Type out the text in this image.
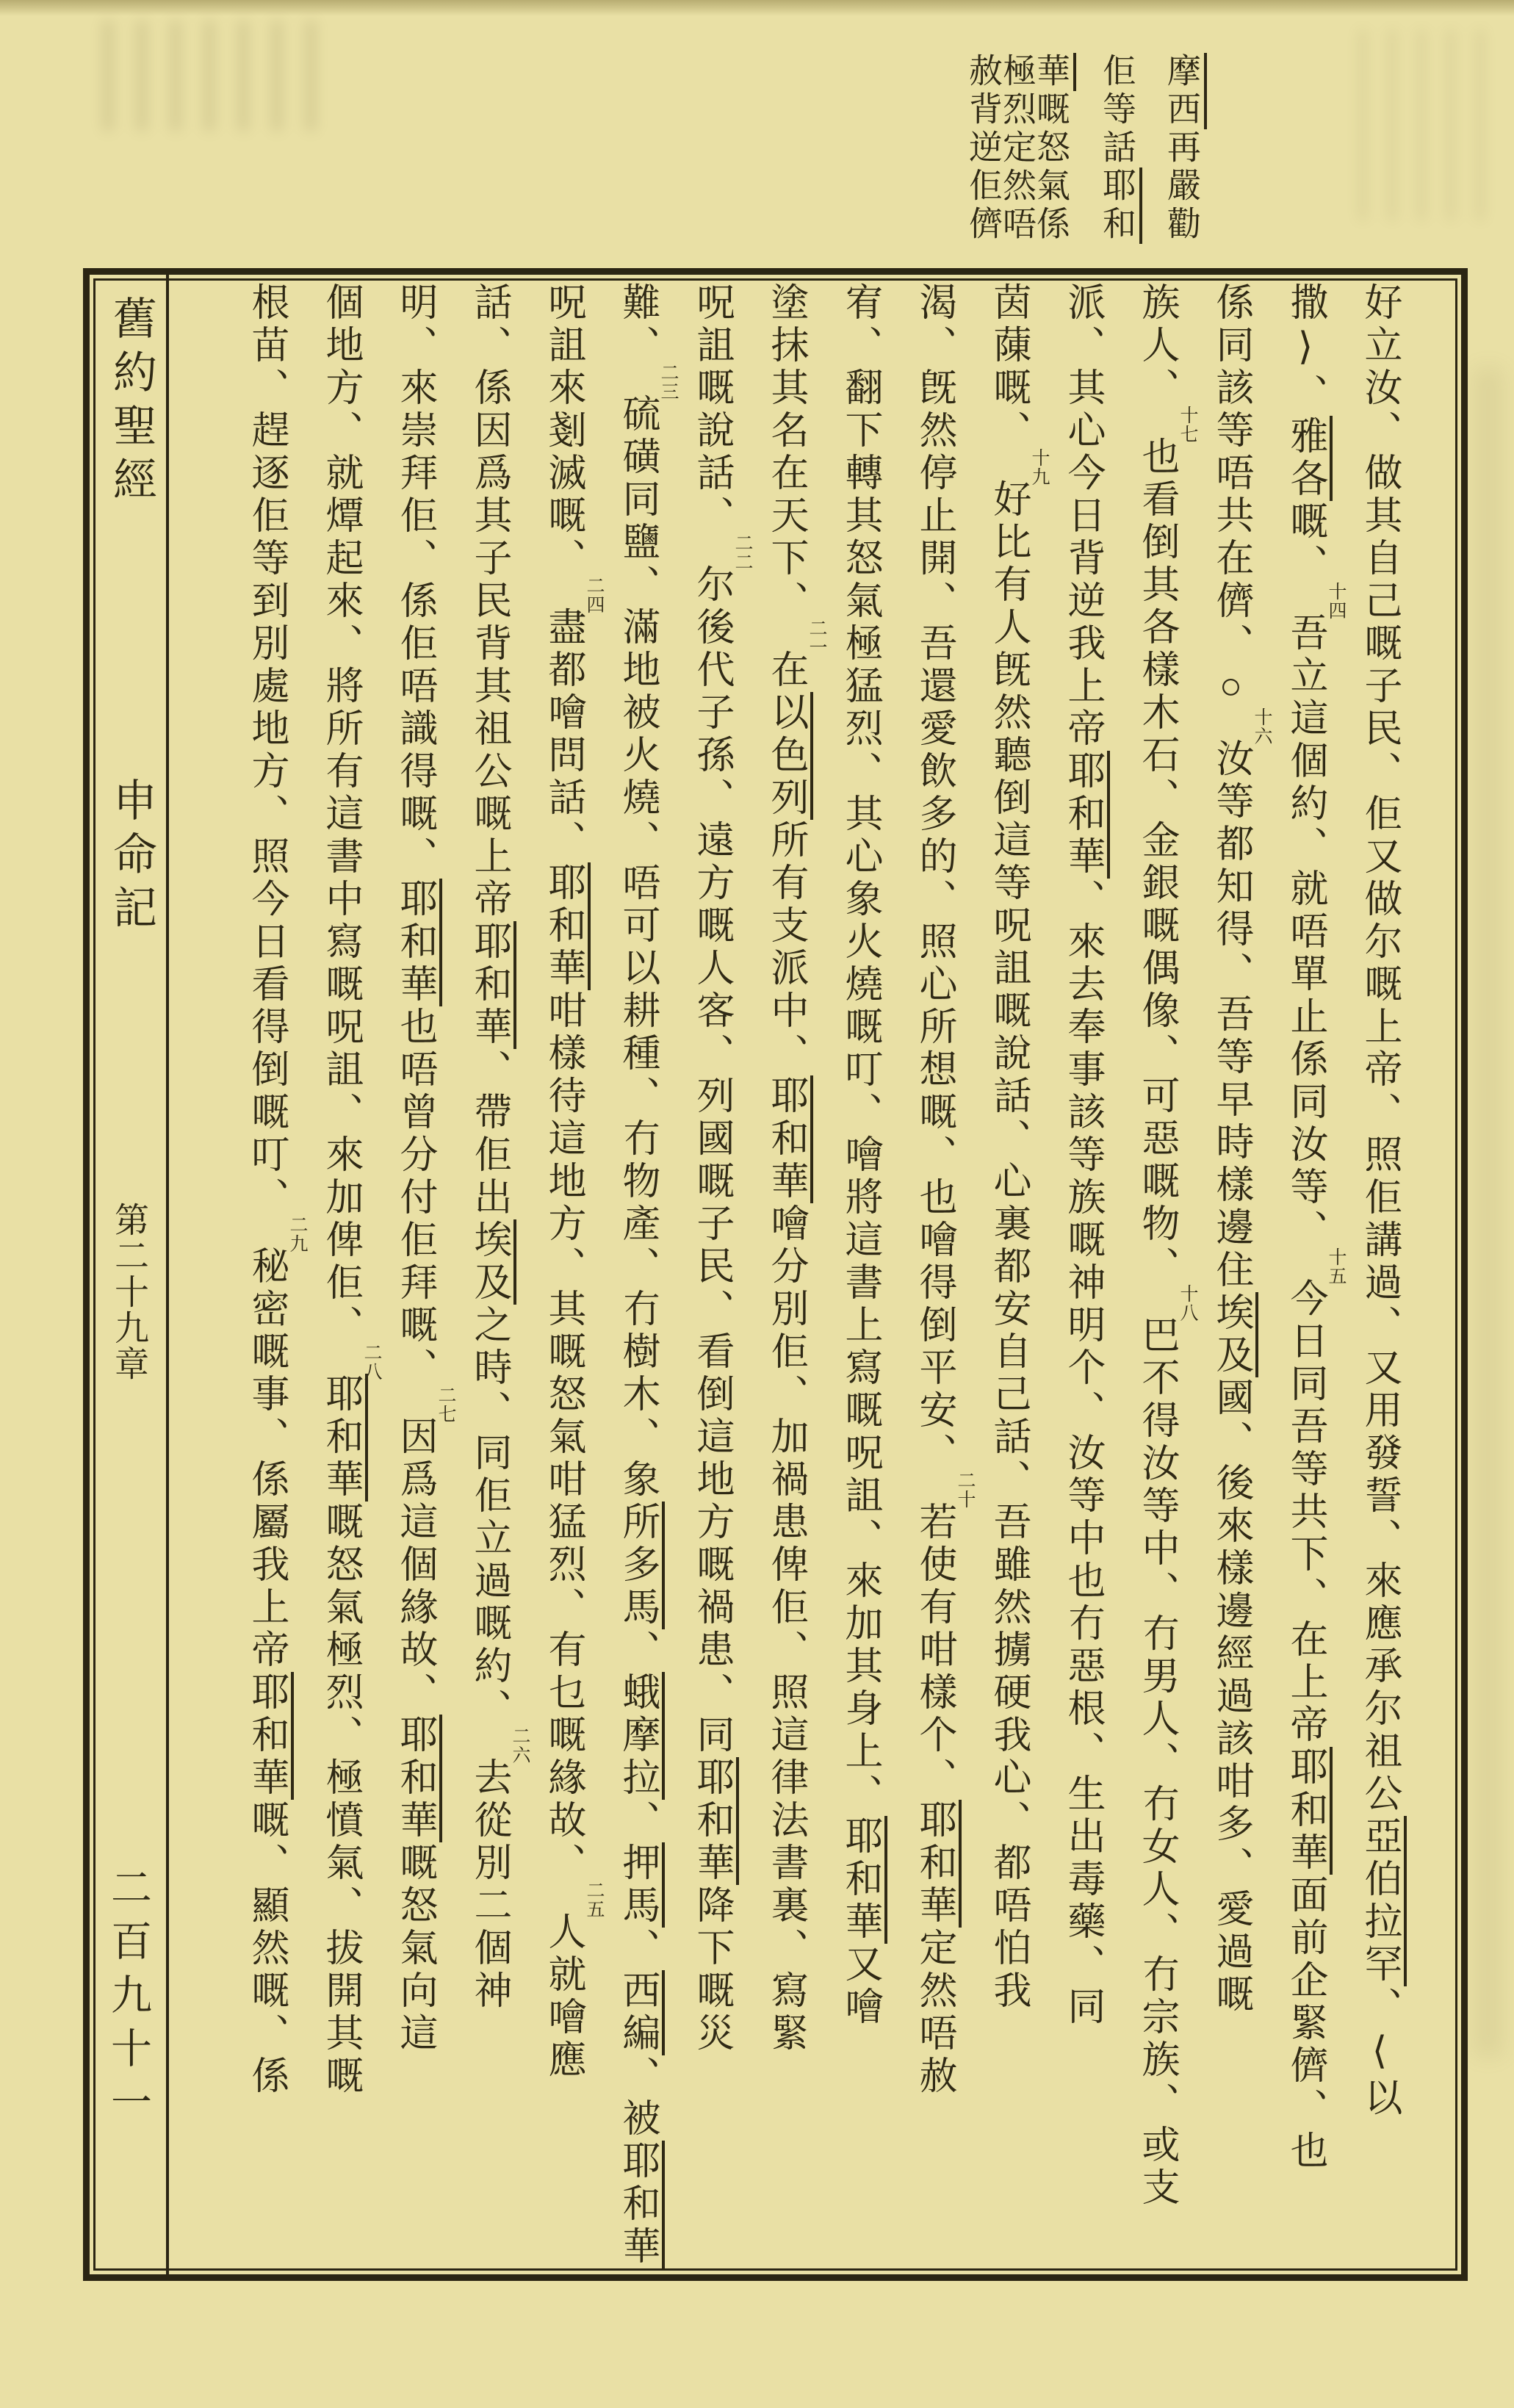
摩西再嚴勸
佢等話耶和
華嘅怒氣係
極烈定然唔
赦背逆佢儕
舊約聖經
申命記
第二十九章
二百九十一
好立汝、做其自己嘅子民、佢又做尔嘅上帝、照佢講過、又用發誓、來應承尔祖公亞伯拉罕、⟨以
撒⟩、雅各嘅、十四吾立這個約、就唔單止係同汝等、十五今日同吾等共下、在上帝耶和華面前企緊儕、也
係同該等唔共在儕、○十六汝等都知得、吾等早時樣邊住埃及國、後來樣邊經過該咁多、愛過嘅
族人、十七也看倒其各樣木石、金銀嘅偶像、可惡嘅物、十八巴不得汝等中、冇男人、冇女人、冇宗族、或支
派、其心今日背逆我上帝耶和華、來去奉事該等族嘅神明个、汝等中也冇惡根、生出毒藥、同
茵蔯嘅、十九好比有人旣然聽倒這等呪詛嘅說話、心裏都安自己話、吾雖然擄硬我心、都唔怕我
渴、旣然停止開、吾還愛飲多的、照心所想嘅、也噲得倒平安、二十若使有咁樣个、耶和華定然唔赦
宥、翻下轉其怒氣極猛烈、其心象火燒嘅叮、噲將這書上寫嘅呪詛、來加其身上、耶和華又噲
塗抹其名在天下、二一在以色列所有支派中、耶和華噲分別佢、加禍患俾佢、照這律法書裏、寫緊
呪詛嘅說話、二二尔後代子孫、遠方嘅人客、列國嘅子民、看倒這地方嘅禍患、同耶和華降下嘅災
難、二三硫磺同鹽、滿地被火燒、唔可以耕種、冇物產、冇樹木、象所多馬、蛾摩拉、押馬、西編、被耶和華
呪詛來剗滅嘅、二四盡都噲問話、耶和華咁樣待這地方、其嘅怒氣咁猛烈、有乜嘅緣故、二五人就噲應
話、係因爲其子民背其祖公嘅上帝耶和華、帶佢出埃及之時、同佢立過嘅約、二六去從別二個神
明、來崇拜佢、係佢唔識得嘅、耶和華也唔曾分付佢拜嘅、二七因爲這個緣故、耶和華嘅怒氣向這
個地方、就燂起來、將所有這書中寫嘅呪詛、來加俾佢、二八耶和華嘅怒氣極烈、極憤氣、拔開其嘅
根苗、趕逐佢等到別處地方、照今日看得倒嘅叮、二九秘密嘅事、係屬我上帝耶和華嘅、顯然嘅、係
